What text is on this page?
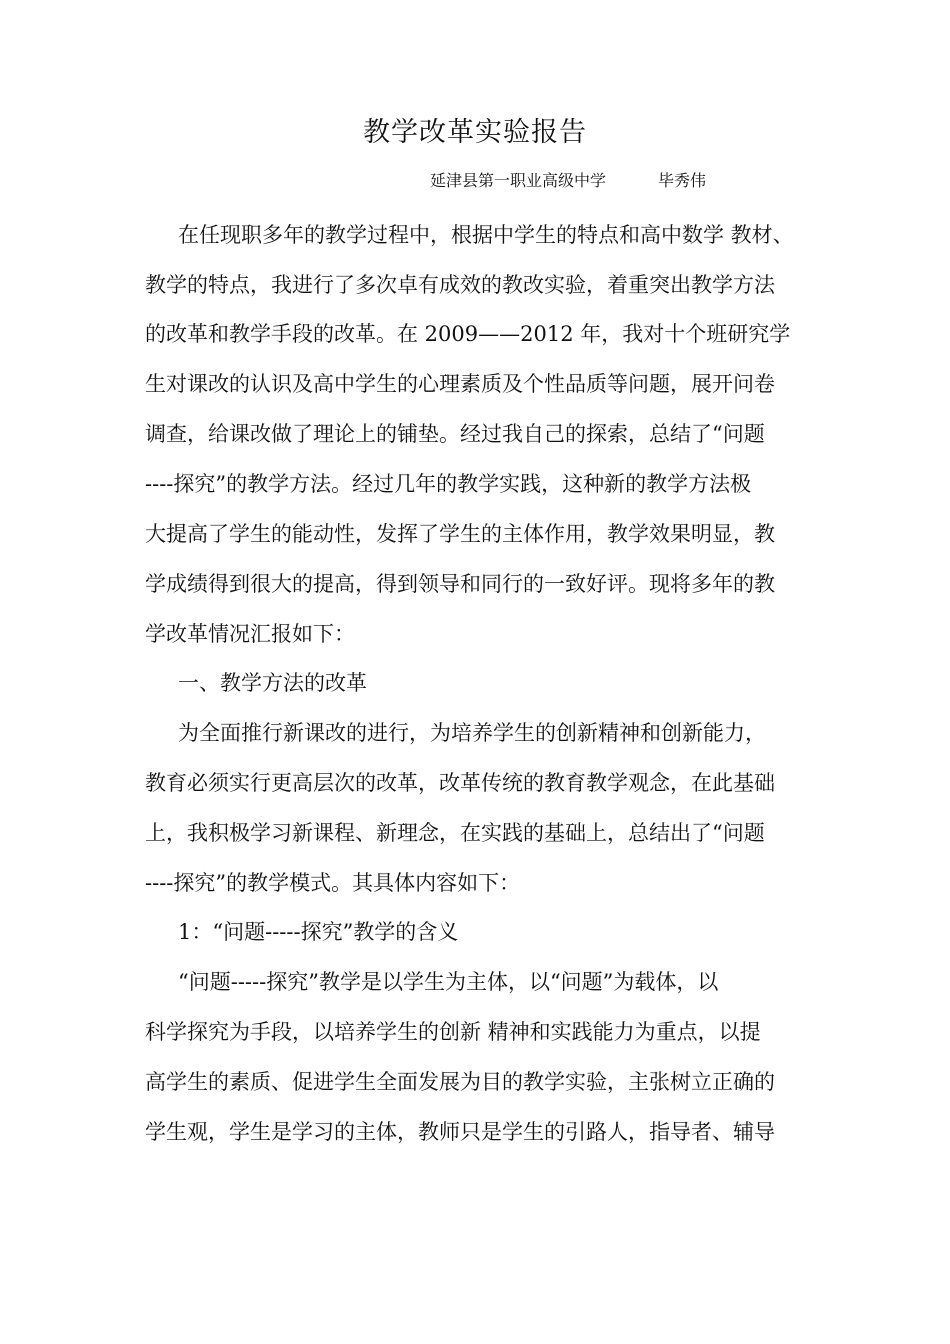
教学改革实验报告
延津县第一职业高级中学	毕秀伟
在任现职多年的教学过程中，根据中学生的特点和高中数学 教材、
教学的特点，我进行了多次卓有成效的教改实验，着重突出教学方法
的改革和教学手段的改革。在 2009——2012 年，我对十个班研究学
生对课改的认识及高中学生的心理素质及个性品质等问题，展开问卷
调查，给课改做了理论上的铺垫。经过我自己的探索，总结了“问题
----探究”的教学方法。经过几年的教学实践，这种新的教学方法极
大提高了学生的能动性，发挥了学生的主体作用，教学效果明显，教
学成绩得到很大的提高，得到领导和同行的一致好评。现将多年的教
学改革情况汇报如下：
一、教学方法的改革
为全面推行新课改的进行，为培养学生的创新精神和创新能力，
教育必须实行更高层次的改革，改革传统的教育教学观念，在此基础
上，我积极学习新课程、新理念，在实践的基础上，总结出了“问题
----探究”的教学模式。其具体内容如下：
1：“问题-----探究”教学的含义
“问题-----探究”教学是以学生为主体，以“问题”为载体，以
科学探究为手段，以培养学生的创新 精神和实践能力为重点，以提
高学生的素质、促进学生全面发展为目的教学实验，主张树立正确的
学生观，学生是学习的主体，教师只是学生的引路人，指导者、辅导
